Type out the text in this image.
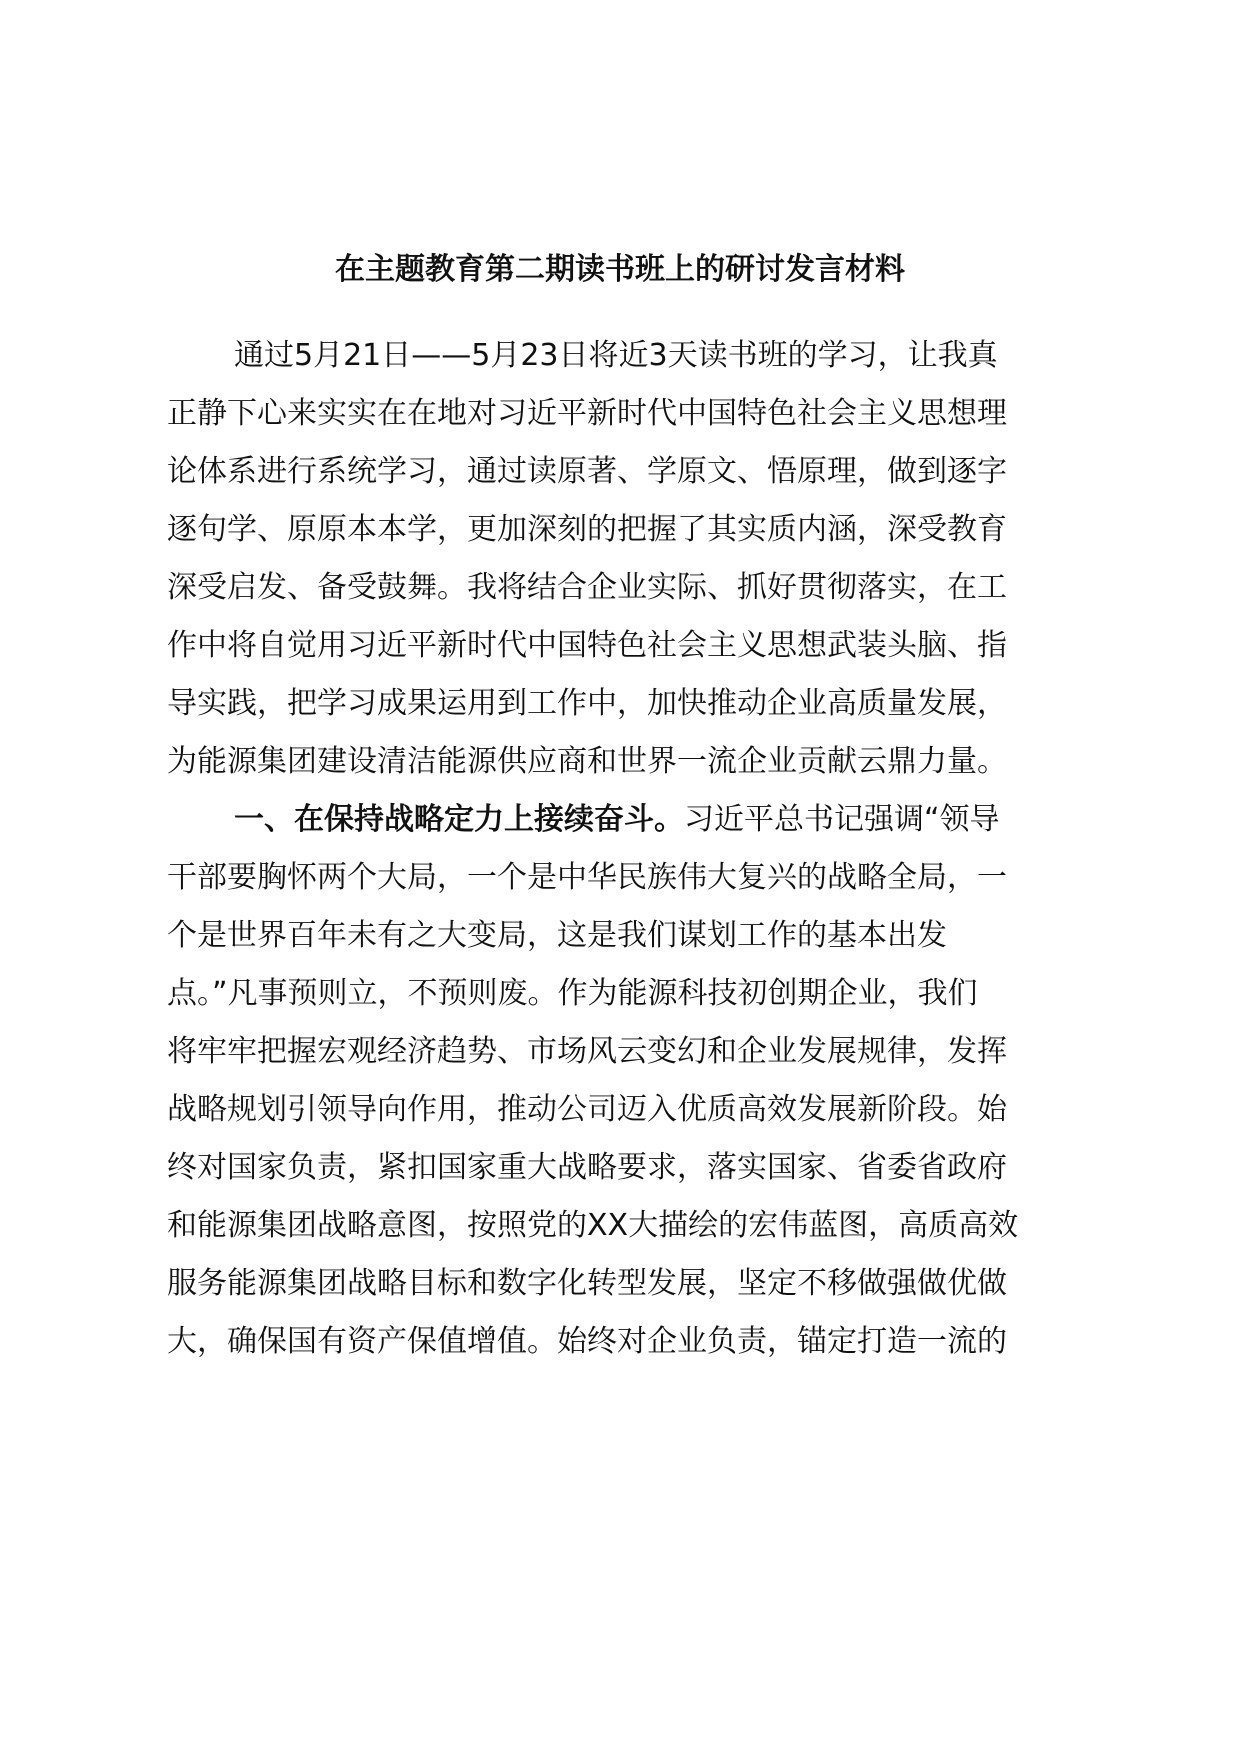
在主题教育第二期读书班上的研讨发言材料
通过5月21日——5月23日将近3天读书班的学习，让我真
正静下心来实实在在地对习近平新时代中国特色社会主义思想理
论体系进行系统学习，通过读原著、学原文、悟原理，做到逐字
逐句学、原原本本学，更加深刻的把握了其实质内涵，深受教育
深受启发、备受鼓舞。我将结合企业实际、抓好贯彻落实，在工
作中将自觉用习近平新时代中国特色社会主义思想武装头脑、指
导实践，把学习成果运用到工作中，加快推动企业高质量发展，
为能源集团建设清洁能源供应商和世界一流企业贡献云鼎力量。
一、在保持战略定力上接续奋斗。习近平总书记强调“领导
干部要胸怀两个大局，一个是中华民族伟大复兴的战略全局，一
个是世界百年未有之大变局，这是我们谋划工作的基本出发
点。”凡事预则立，不预则废。作为能源科技初创期企业，我们
将牢牢把握宏观经济趋势、市场风云变幻和企业发展规律，发挥
战略规划引领导向作用，推动公司迈入优质高效发展新阶段。始
终对国家负责，紧扣国家重大战略要求，落实国家、省委省政府
和能源集团战略意图，按照党的XX大描绘的宏伟蓝图，高质高效
服务能源集团战略目标和数字化转型发展，坚定不移做强做优做
大，确保国有资产保值增值。始终对企业负责，锚定打造一流的
